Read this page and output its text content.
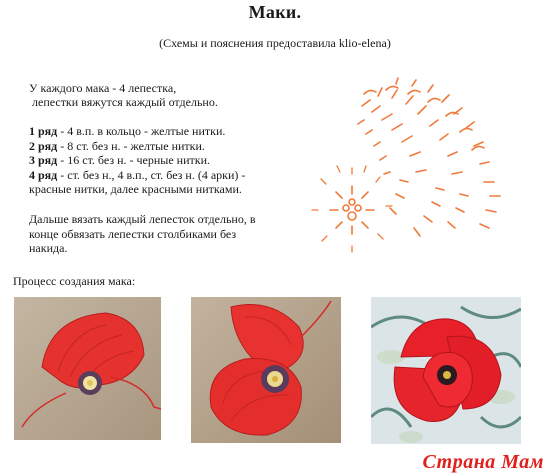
Маки.
(Схемы и пояснения предоставила klio-elena)
У каждого мака - 4 лепестка,
лепестки вяжутся каждый отдельно.
1 ряд - 4 в.п. в кольцо - желтые нитки.
2 ряд - 8 ст. без н. - желтые нитки.
3 ряд - 16 ст. без н. - черные нитки.
4 ряд - ст. без н., 4 в.п., ст. без н. (4 арки) -
красные нитки, далее красными нитками.
Дальше вязать каждый лепесток отдельно, в
конце обвязать лепестки столбиками без
накида.
Процесс создания мака:
Страна Мам
